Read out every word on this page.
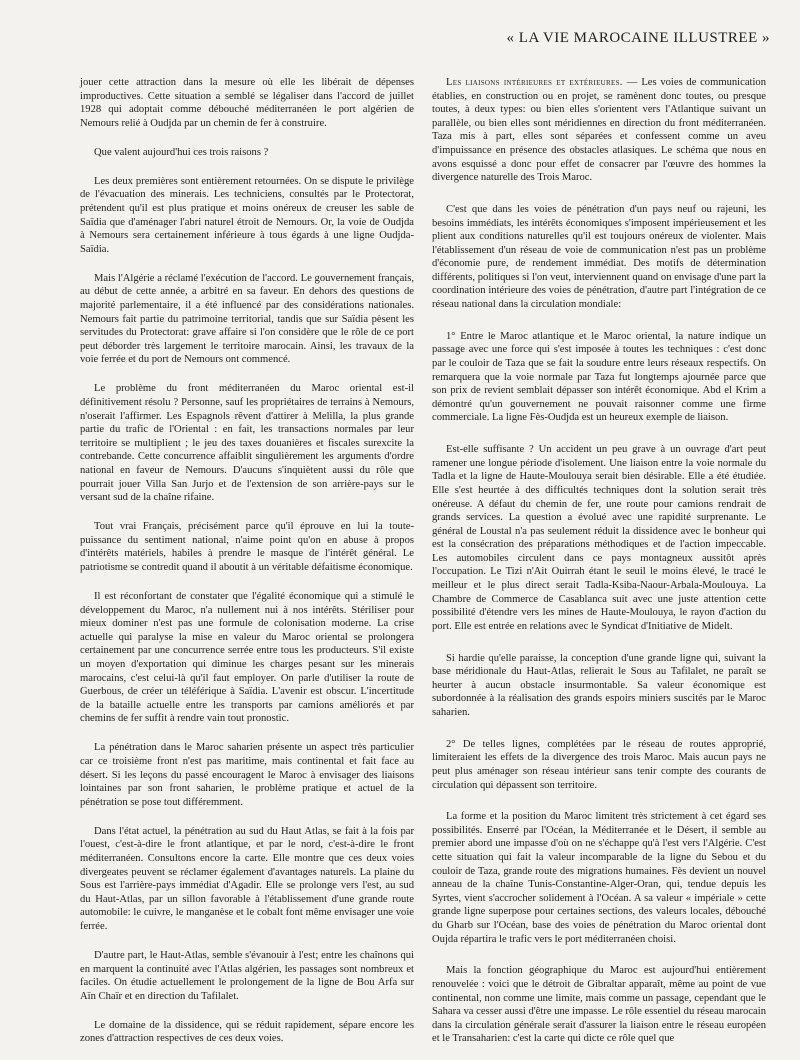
« LA VIE MAROCAINE ILLUSTREE »

jouer cette attraction dans la mesure où elle les libérait de dépenses improductives. Cette situation a semblé se légaliser dans l'accord de juillet 1928 qui adoptait comme débouché méditerranéen le port algérien de Nemours relié à Oudjda par un chemin de fer à construire.

Que valent aujourd'hui ces trois raisons ?

Les deux premières sont entièrement retournées. On se dispute le privilège de l'évacuation des minerais. Les techniciens, consultés par le Protectorat, prétendent qu'il est plus pratique et moins onéreux de creuser les sable de Saïdia que d'aménager l'abri naturel étroit de Nemours. Or, la voie de Oudjda à Nemours sera certainement inférieure à tous égards à une ligne Oudjda-Saïdia.

Mais l'Algérie a réclamé l'exécution de l'accord. Le gouvernement français, au début de cette année, a arbitré en sa faveur. En dehors des questions de majorité parlementaire, il a été influencé par des considérations nationales. Nemours fait partie du patrimoine territorial, tandis que sur Saïdia pèsent les servitudes du Protectorat: grave affaire si l'on considère que le rôle de ce port peut déborder très largement le territoire marocain. Ainsi, les travaux de la voie ferrée et du port de Nemours ont commencé.

Le problème du front méditerranéen du Maroc oriental est-il définitivement résolu ? Personne, sauf les propriétaires de terrains à Nemours, n'oserait l'affirmer. Les Espagnols rêvent d'attirer à Melilla, la plus grande partie du trafic de l'Oriental : en fait, les transactions normales par leur territoire se multiplient ; le jeu des taxes douanières et fiscales surexcite la contrebande. Cette concurrence affaiblit singulièrement les arguments d'ordre national en faveur de Nemours. D'aucuns s'inquiètent aussi du rôle que pourrait jouer Villa San Jurjo et de l'extension de son arrière-pays sur le versant sud de la chaîne rifaine.

Tout vrai Français, précisément parce qu'il éprouve en lui la toute-puissance du sentiment national, n'aime point qu'on en abuse à propos d'intérêts matériels, habiles à prendre le masque de l'intérêt général. Le patriotisme se contredit quand il aboutit à un véritable défaitisme économique.

Il est réconfortant de constater que l'égalité économique qui a stimulé le développement du Maroc, n'a nullement nui à nos intérêts. Stériliser pour mieux dominer n'est pas une formule de colonisation moderne. La crise actuelle qui paralyse la mise en valeur du Maroc oriental se prolongera certainement par une concurrence serrée entre tous les producteurs. S'il existe un moyen d'exportation qui diminue les charges pesant sur les minerais marocains, c'est celui-là qu'il faut employer. On parle d'utiliser la route de Guerbous, de créer un téléférique à Saïdia. L'avenir est obscur. L'incertitude de la bataille actuelle entre les transports par camions améliorés et par chemins de fer suffit à rendre vain tout pronostic.

La pénétration dans le Maroc saharien présente un aspect très particulier car ce troisième front n'est pas maritime, mais continental et fait face au désert. Si les leçons du passé encouragent le Maroc à envisager des liaisons lointaines par son front saharien, le problème pratique et actuel de la pénétration se pose tout différemment.

Dans l'état actuel, la pénétration au sud du Haut Atlas, se fait à la fois par l'ouest, c'est-à-dire le front atlantique, et par le nord, c'est-à-dire le front méditerranéen. Consultons encore la carte. Elle montre que ces deux voies divergeates peuvent se réclamer également d'avantages naturels. La plaine du Sous est l'arrière-pays immédiat d'Agadir. Elle se prolonge vers l'est, au sud du Haut-Atlas, par un sillon favorable à l'établissement d'une grande route automobile: le cuivre, le manganèse et le cobalt font même envisager une voie ferrée.

D'autre part, le Haut-Atlas, semble s'évanouir à l'est; entre les chaînons qui en marquent la continuité avec l'Atlas algérien, les passages sont nombreux et faciles. On étudie actuellement le prolongement de la ligne de Bou Arfa sur Aïn Chaïr et en direction du Tafilalet.

Le domaine de la dissidence, qui se réduit rapidement, sépare encore les zones d'attraction respectives de ces deux voies.

Les liaisons intérieures et extérieures. — Les voies de communication établies, en construction ou en projet, se ramènent donc toutes, ou presque toutes, à deux types: ou bien elles s'orientent vers l'Atlantique suivant un parallèle, ou bien elles sont méridiennes en direction du front méditerranéen. Taza mis à part, elles sont séparées et confessent comme un aveu d'impuissance en présence des obstacles atlasiques. Le schéma que nous en avons esquissé a donc pour effet de consacrer par l'œuvre des hommes la divergence naturelle des Trois Maroc.

C'est que dans les voies de pénétration d'un pays neuf ou rajeuni, les besoins immédiats, les intérêts économiques s'imposent impérieusement et les plient aux conditions naturelles qu'il est toujours onéreux de violenter. Mais l'établissement d'un réseau de voie de communication n'est pas un problème d'économie pure, de rendement immédiat. Des motifs de détermination différents, politiques si l'on veut, interviennent quand on envisage d'une part la coordination intérieure des voies de pénétration, d'autre part l'intégration de ce réseau national dans la circulation mondiale:

1° Entre le Maroc atlantique et le Maroc oriental, la nature indique un passage avec une force qui s'est imposée à toutes les techniques : c'est donc par le couloir de Taza que se fait la soudure entre leurs réseaux respectifs. On remarquera que la voie normale par Taza fut longtemps ajournée parce que son prix de revient semblait dépasser son intérêt économique. Abd el Krim a démontré qu'un gouvernement ne pouvait raisonner comme une firme commerciale. La ligne Fès-Oudjda est un heureux exemple de liaison.

Est-elle suffisante ? Un accident un peu grave à un ouvrage d'art peut ramener une longue période d'isolement. Une liaison entre la voie normale du Tadla et la ligne de Haute-Moulouya serait bien désirable. Elle a été étudiée. Elle s'est heurtée à des difficultés techniques dont la solution serait très onéreuse. A défaut du chemin de fer, une route pour camions rendrait de grands services. La question a évolué avec une rapidité surprenante. Le général de Loustal n'a pas seulement réduit la dissidence avec le bonheur qui est la consécration des préparations méthodiques et de l'action impeccable. Les automobiles circulent dans ce pays montagneux aussitôt après l'occupation. Le Tizi n'Ait Ouirrah étant le seuil le moins élevé, le tracé le meilleur et le plus direct serait Tadla-Ksiba-Naour-Arbala-Moulouya. La Chambre de Commerce de Casablanca suit avec une juste attention cette possibilité d'étendre vers les mines de Haute-Moulouya, le rayon d'action du port. Elle est entrée en relations avec le Syndicat d'Initiative de Midelt.

Si hardie qu'elle paraisse, la conception d'une grande ligne qui, suivant la base méridionale du Haut-Atlas, relierait le Sous au Tafilalet, ne paraît se heurter à aucun obstacle insurmontable. Sa valeur économique est subordonnée à la réalisation des grands espoirs miniers suscités par le Maroc saharien.

2° De telles lignes, complétées par le réseau de routes approprié, limiteraient les effets de la divergence des trois Maroc. Mais aucun pays ne peut plus aménager son réseau intérieur sans tenir compte des courants de circulation qui dépassent son territoire.

La forme et la position du Maroc limitent très strictement à cet égard ses possibilités. Enserré par l'Océan, la Méditerranée et le Désert, il semble au premier abord une impasse d'où on ne s'échappe qu'à l'est vers l'Algérie. C'est cette situation qui fait la valeur incomparable de la ligne du Sebou et du couloir de Taza, grande route des migrations humaines. Fès devient un nouvel anneau de la chaîne Tunis-Constantine-Alger-Oran, qui, tendue depuis les Syrtes, vient s'accrocher solidement à l'Océan. A sa valeur « impériale » cette grande ligne superpose pour certaines sections, des valeurs locales, débouché du Gharb sur l'Océan, base des voies de pénétration du Maroc oriental dont Oujda répartira le trafic vers le port méditerranéen choisi.

Mais la fonction géographique du Maroc est aujourd'hui entièrement renouvelée : voici que le détroit de Gibraltar apparaît, même au point de vue continental, non comme une limite, mais comme un passage, cependant que le Sahara va cesser aussi d'être une impasse. Le rôle essentiel du réseau marocain dans la circulation générale serait d'assurer la liaison entre le réseau européen et le Transaharien: c'est la carte qui dicte ce rôle quel que
